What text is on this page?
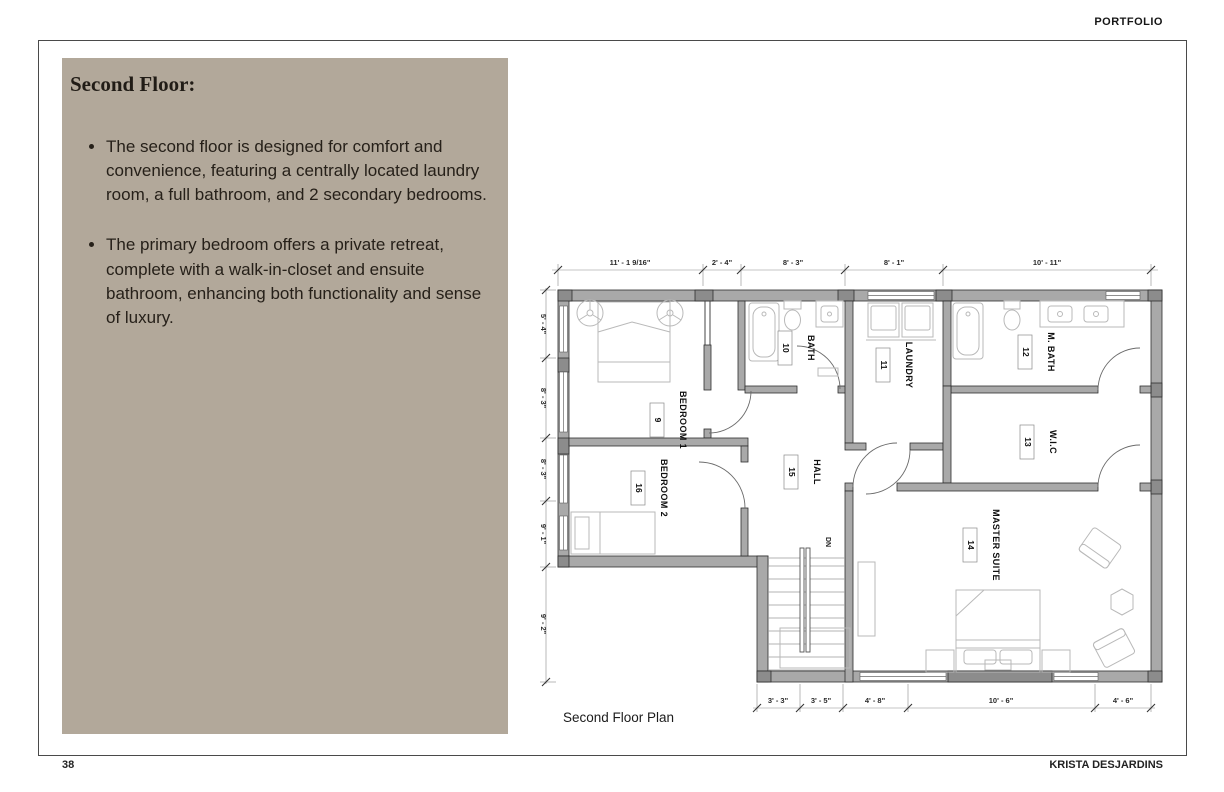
PORTFOLIO
Second Floor:
• The second floor is designed for comfort and convenience, featuring a centrally located laundry room, a full bathroom, and 2 secondary bedrooms.
• The primary bedroom offers a private retreat, complete with a walk-in-closet and ensuite bathroom, enhancing both functionality and sense of luxury.
DN
9 BEDROOM 1
10 BATH
11 LAUNDRY	12 M. BATH
13 W.I.C
14 MASTER SUITE
15 HALL
16 BEDROOM 2
11' - 1 9/16"	2' - 4"	8' - 3"	8' - 1"	10' - 11"
5' - 4"
8' - 3"
8' - 3"
9' - 1"
9' - 2"
3' - 3"	3' - 5"	4' - 8"	10' - 6"	4' - 6"
Second Floor Plan
38	KRISTA DESJARDINS
